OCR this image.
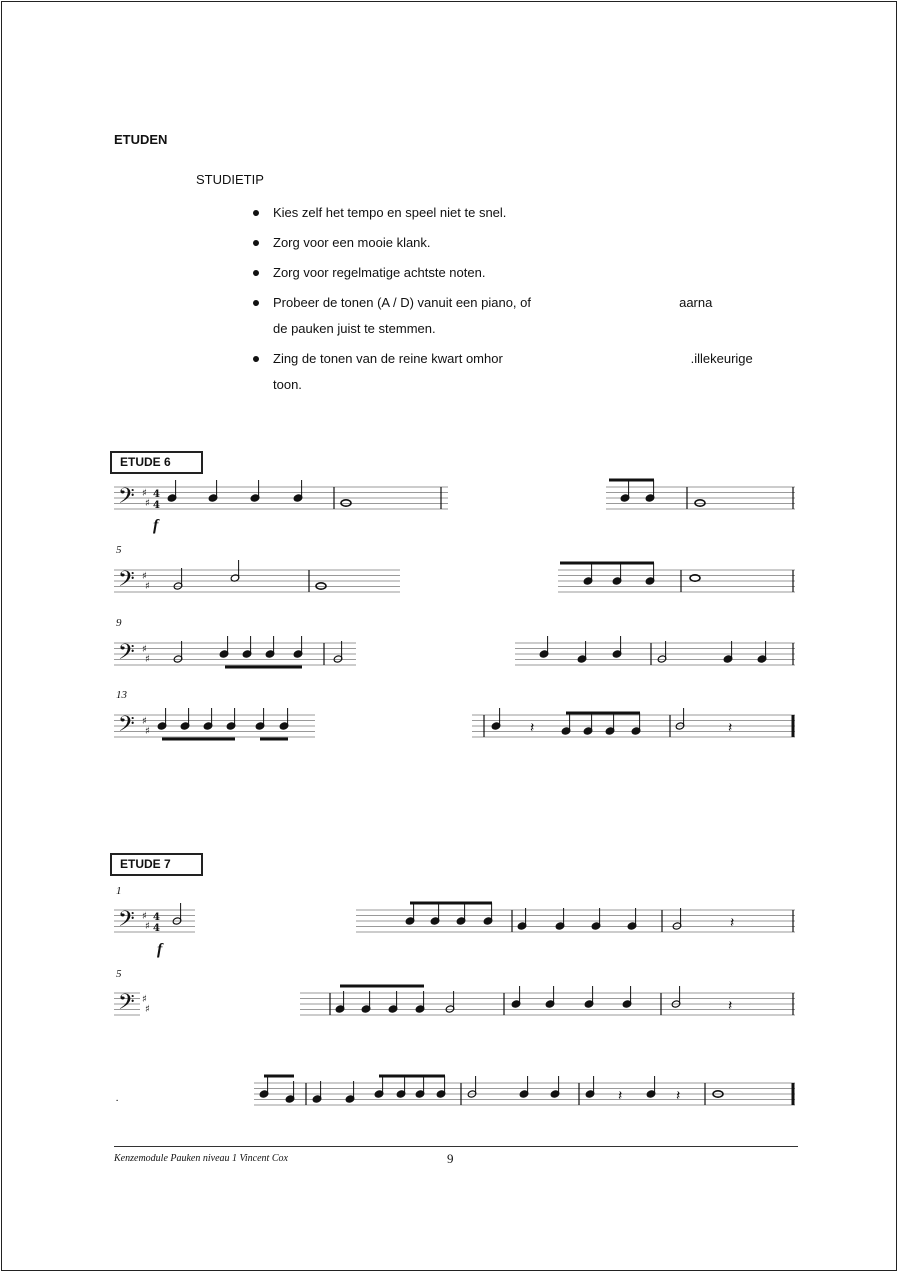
ETUDEN
STUDIETIP
Kies zelf het tempo en speel niet te snel.
Zorg voor een mooie klank.
Zorg voor regelmatige achtste noten.
Probeer de tonen (A / D) vanuit een piano, of                                         aarna
de pauken juist te stemmen.
Zing de tonen van de reine kwart omhor                                                    .illekeurige
toon.
ETUDE 6
ETUDE 7
f
f
5
9
13
1
5
.
𝄢 ♯
♯
4
4
𝄢 ♯
♯
𝄢 ♯
♯
𝄢 ♯
♯	𝄽	𝄽
𝄢 ♯
♯
4
4	𝄽
𝄢 ♯
♯	𝄽
𝄽	𝄽
Kenzemodule Pauken niveau 1 Vincent Cox	9
